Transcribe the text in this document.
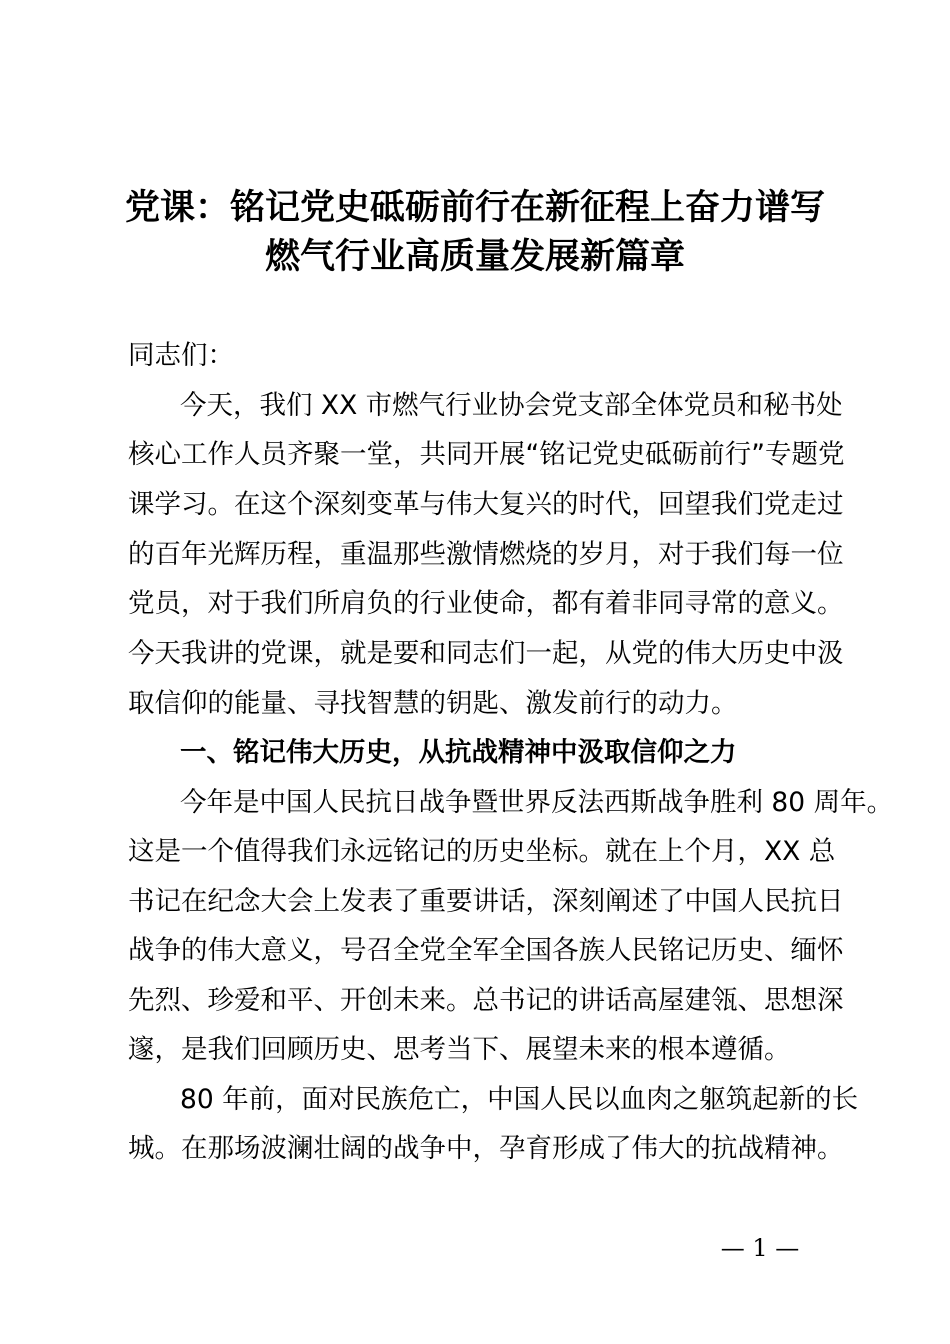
党课：铭记党史砥砺前行在新征程上奋力谱写
燃气行业高质量发展新篇章
同志们：
今天，我们 XX 市燃气行业协会党支部全体党员和秘书处
核心工作人员齐聚一堂，共同开展“铭记党史砥砺前行”专题党
课学习。在这个深刻变革与伟大复兴的时代，回望我们党走过
的百年光辉历程，重温那些激情燃烧的岁月，对于我们每一位
党员，对于我们所肩负的行业使命，都有着非同寻常的意义。
今天我讲的党课，就是要和同志们一起，从党的伟大历史中汲
取信仰的能量、寻找智慧的钥匙、激发前行的动力。
一、铭记伟大历史，从抗战精神中汲取信仰之力
今年是中国人民抗日战争暨世界反法西斯战争胜利 80 周年。
这是一个值得我们永远铭记的历史坐标。就在上个月，XX 总
书记在纪念大会上发表了重要讲话，深刻阐述了中国人民抗日
战争的伟大意义，号召全党全军全国各族人民铭记历史、缅怀
先烈、珍爱和平、开创未来。总书记的讲话高屋建瓴、思想深
邃，是我们回顾历史、思考当下、展望未来的根本遵循。
80 年前，面对民族危亡，中国人民以血肉之躯筑起新的长
城。在那场波澜壮阔的战争中，孕育形成了伟大的抗战精神。
— 1 —
